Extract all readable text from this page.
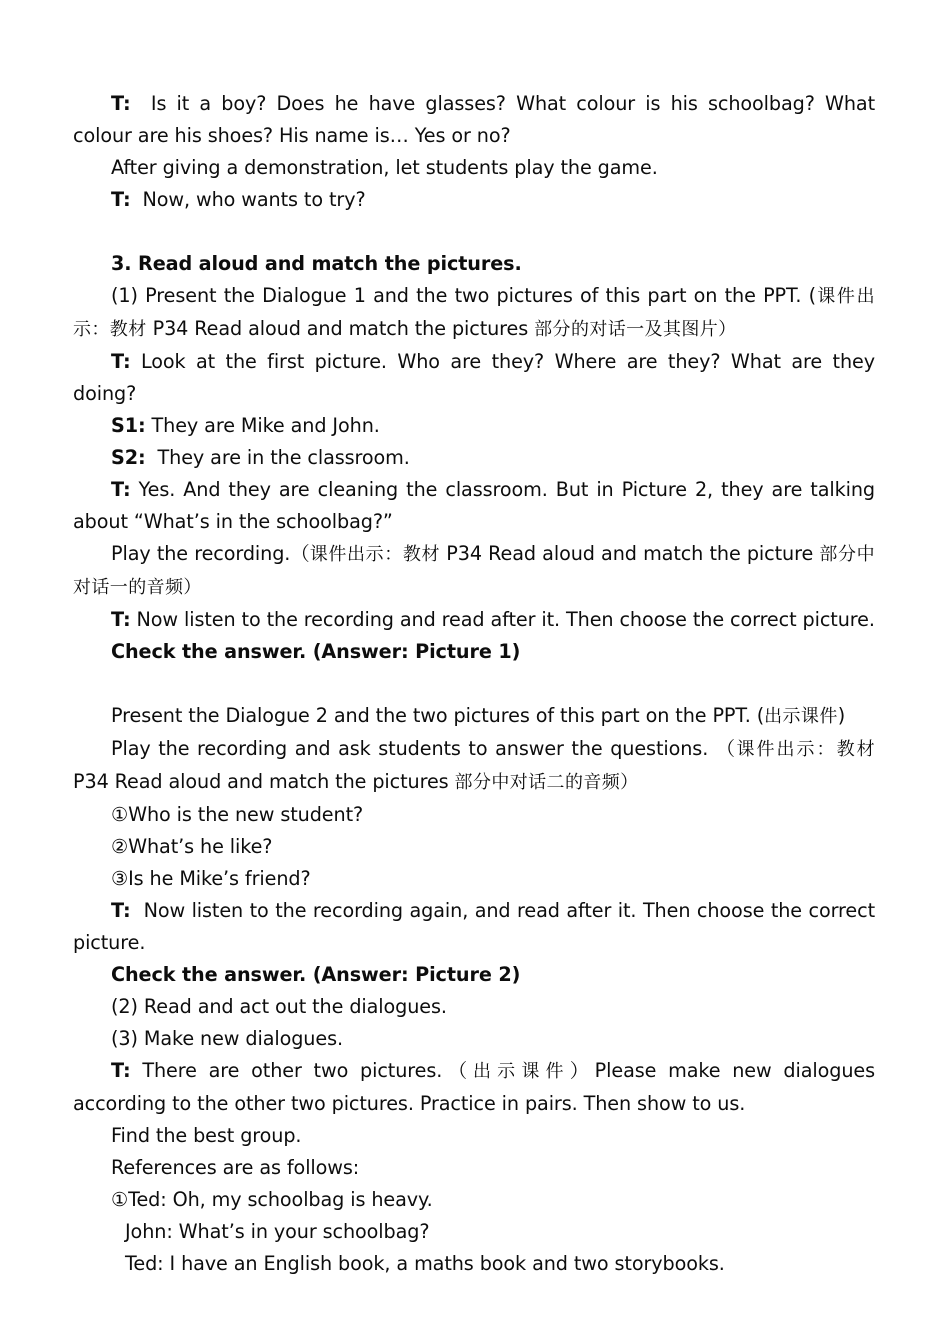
T: Is it a boy? Does he have glasses? What colour is his schoolbag? What colour are his shoes? His name is… Yes or no?
After giving a demonstration, let students play the game.
T: Now, who wants to try?
3. Read aloud and match the pictures.
(1) Present the Dialogue 1 and the two pictures of this part on the PPT. (课件出示：教材 P34 Read aloud and match the pictures 部分的对话一及其图片）
T: Look at the first picture. Who are they? Where are they? What are they doing?
S1: They are Mike and John.
S2: They are in the classroom.
T: Yes. And they are cleaning the classroom. But in Picture 2, they are talking about “What’s in the schoolbag?”
Play the recording.（课件出示：教材 P34 Read aloud and match the picture 部分中对话一的音频）
T: Now listen to the recording and read after it. Then choose the correct picture.
Check the answer. (Answer: Picture 1)
Present the Dialogue 2 and the two pictures of this part on the PPT. (出示课件)
Play the recording and ask students to answer the questions. （课件出示：教材 P34 Read aloud and match the pictures 部分中对话二的音频）
①Who is the new student?
②What’s he like?
③Is he Mike’s friend?
T: Now listen to the recording again, and read after it. Then choose the correct picture.
Check the answer. (Answer: Picture 2)
(2) Read and act out the dialogues.
(3) Make new dialogues.
T: There are other two pictures.（出示课件）Please make new dialogues according to the other two pictures. Practice in pairs. Then show to us.
Find the best group.
References are as follows:
①Ted: Oh, my schoolbag is heavy.
John: What’s in your schoolbag?
Ted: I have an English book, a maths book and two storybooks.
